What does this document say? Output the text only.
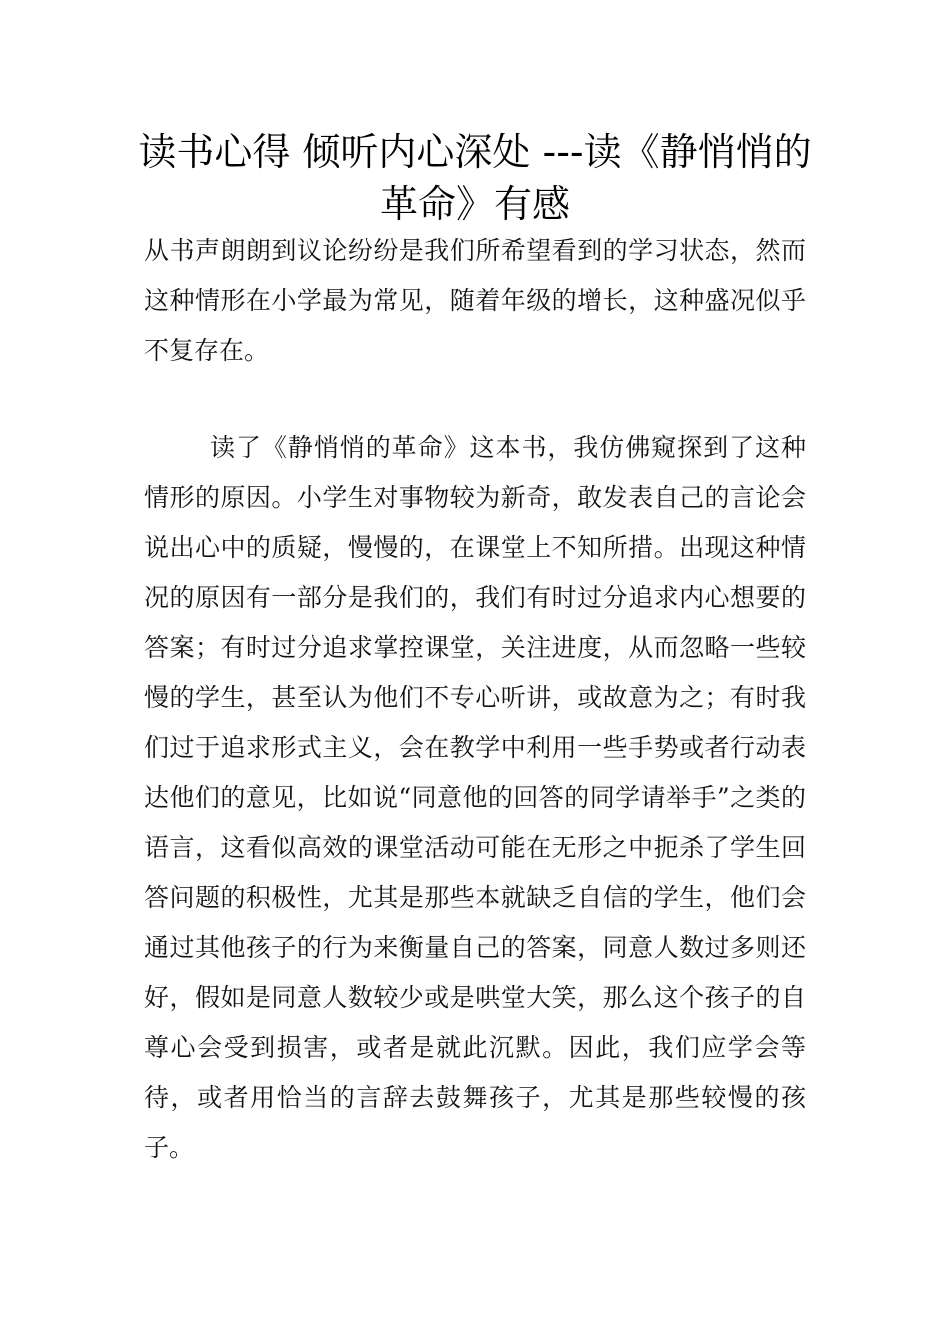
读书心得 倾听内心深处 ---读《静悄悄的革命》有感

从书声朗朗到议论纷纷是我们所希望看到的学习状态，然而这种情形在小学最为常见，随着年级的增长，这种盛况似乎不复存在。

读了《静悄悄的革命》这本书，我仿佛窥探到了这种情形的原因。小学生对事物较为新奇，敢发表自己的言论会说出心中的质疑，慢慢的，在课堂上不知所措。出现这种情况的原因有一部分是我们的，我们有时过分追求内心想要的答案；有时过分追求掌控课堂，关注进度，从而忽略一些较慢的学生，甚至认为他们不专心听讲，或故意为之；有时我们过于追求形式主义，会在教学中利用一些手势或者行动表达他们的意见，比如说“同意他的回答的同学请举手”之类的语言，这看似高效的课堂活动可能在无形之中扼杀了学生回答问题的积极性，尤其是那些本就缺乏自信的学生，他们会通过其他孩子的行为来衡量自己的答案，同意人数过多则还好，假如是同意人数较少或是哄堂大笑，那么这个孩子的自尊心会受到损害，或者是就此沉默。因此，我们应学会等待，或者用恰当的言辞去鼓舞孩子，尤其是那些较慢的孩子。
